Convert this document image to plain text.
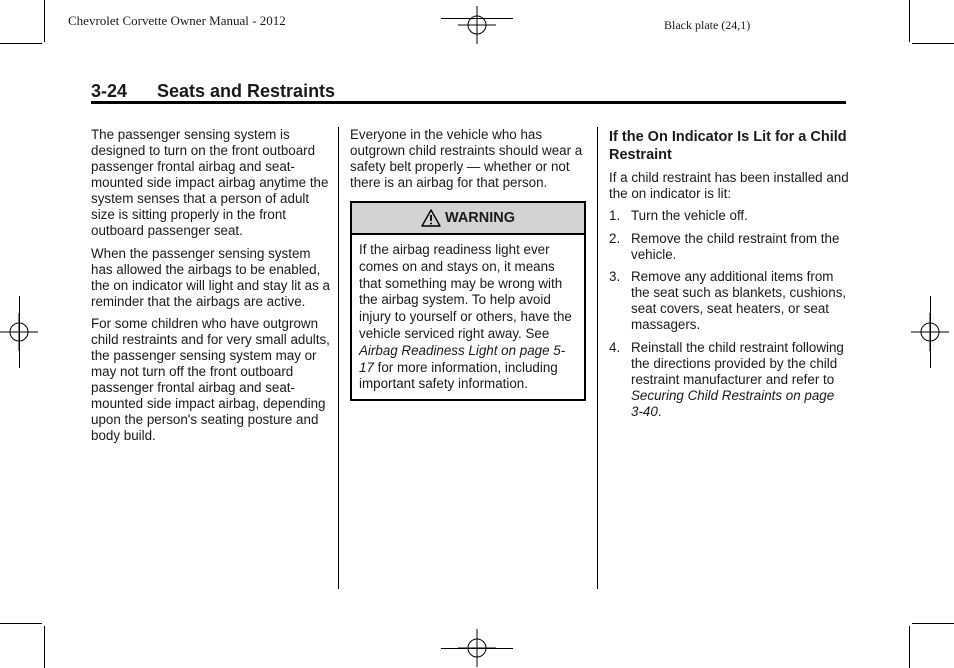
Chevrolet Corvette Owner Manual - 2012	Black plate (24,1)
3-24 Seats and Restraints

The passenger sensing system is designed to turn on the front outboard passenger frontal airbag and seat-mounted side impact airbag anytime the system senses that a person of adult size is sitting properly in the front outboard passenger seat.

When the passenger sensing system has allowed the airbags to be enabled, the on indicator will light and stay lit as a reminder that the airbags are active.

For some children who have outgrown child restraints and for very small adults, the passenger sensing system may or may not turn off the front outboard passenger frontal airbag and seat-mounted side impact airbag, depending upon the person's seating posture and body build.

Everyone in the vehicle who has outgrown child restraints should wear a safety belt properly — whether or not there is an airbag for that person.

WARNING
If the airbag readiness light ever comes on and stays on, it means that something may be wrong with the airbag system. To help avoid injury to yourself or others, have the vehicle serviced right away. See Airbag Readiness Light on page 5-17 for more information, including important safety information.
If the On Indicator Is Lit for a Child Restraint

If a child restraint has been installed and the on indicator is lit:

1. Turn the vehicle off.
2. Remove the child restraint from the vehicle.
3. Remove any additional items from the seat such as blankets, cushions, seat covers, seat heaters, or seat massagers.
4. Reinstall the child restraint following the directions provided by the child restraint manufacturer and refer to Securing Child Restraints on page 3-40.
